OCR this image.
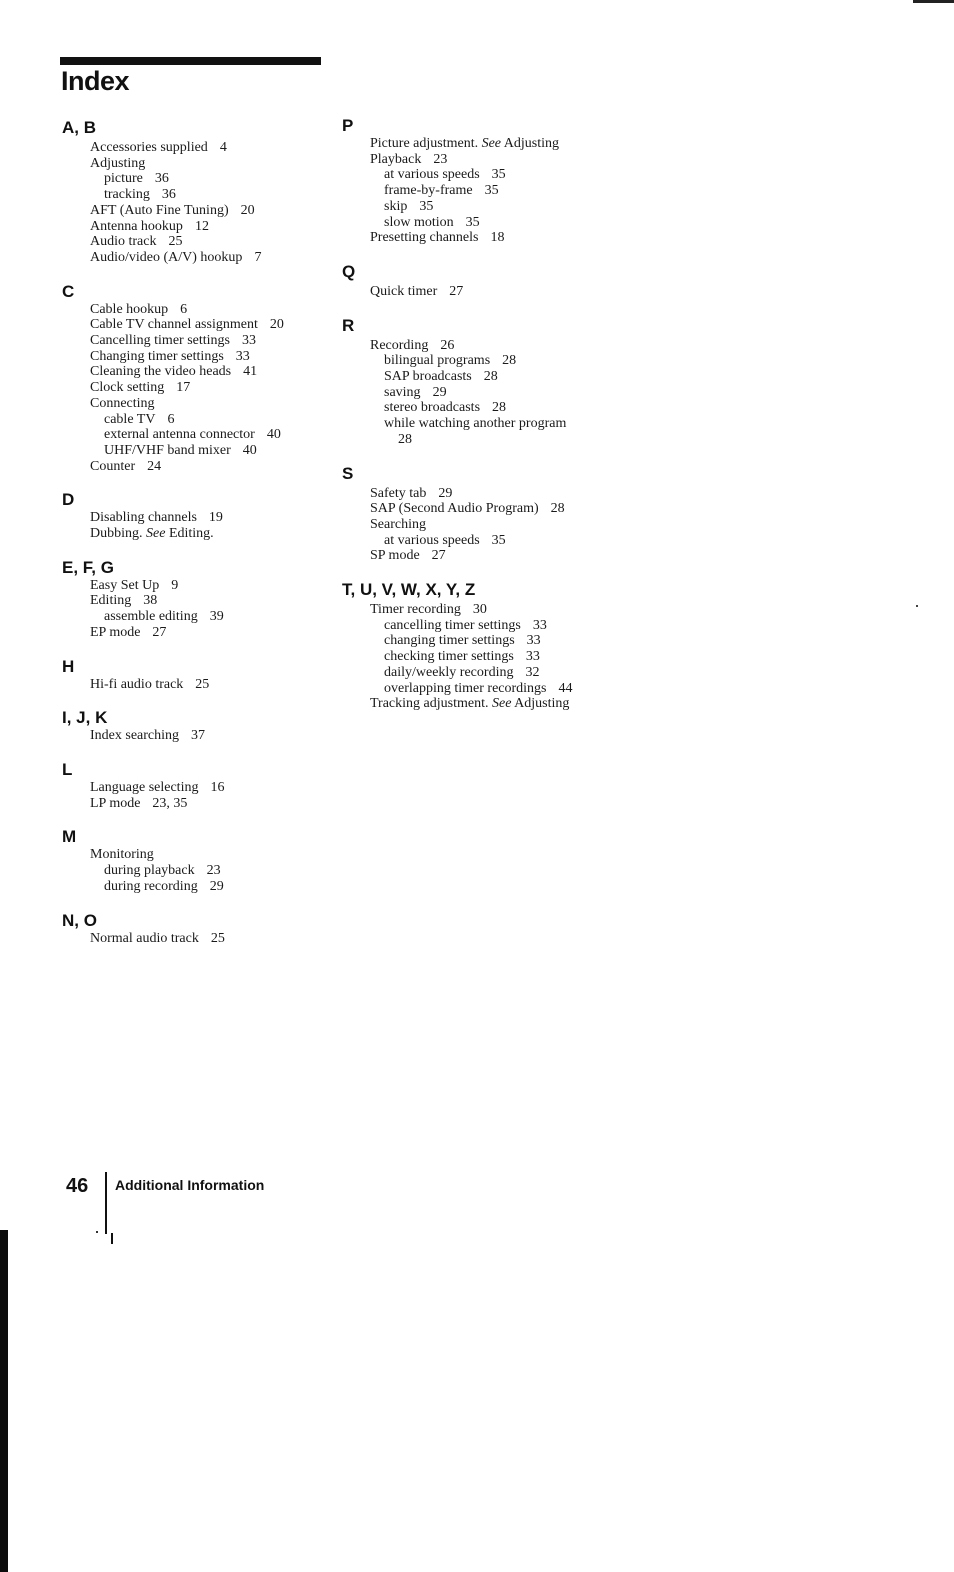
Index
A, B
Accessories supplied 4
Adjusting
picture 36
tracking 36
AFT (Auto Fine Tuning) 20
Antenna hookup 12
Audio track 25
Audio/video (A/V) hookup 7
C
Cable hookup 6
Cable TV channel assignment 20
Cancelling timer settings 33
Changing timer settings 33
Cleaning the video heads 41
Clock setting 17
Connecting
cable TV 6
external antenna connector 40
UHF/VHF band mixer 40
Counter 24
D
Disabling channels 19
Dubbing. See Editing.
E, F, G
Easy Set Up 9
Editing 38
assemble editing 39
EP mode 27
H
Hi-fi audio track 25
I, J, K
Index searching 37
L
Language selecting 16
LP mode 23, 35
M
Monitoring
during playback 23
during recording 29
N, O
Normal audio track 25
P
Picture adjustment. See Adjusting
Playback 23
at various speeds 35
frame-by-frame 35
skip 35
slow motion 35
Presetting channels 18
Q
Quick timer 27
R
Recording 26
bilingual programs 28
SAP broadcasts 28
saving 29
stereo broadcasts 28
while watching another program
28
S
Safety tab 29
SAP (Second Audio Program) 28
Searching
at various speeds 35
SP mode 27
T, U, V, W, X, Y, Z
Timer recording 30
cancelling timer settings 33
changing timer settings 33
checking timer settings 33
daily/weekly recording 32
overlapping timer recordings 44
Tracking adjustment. See Adjusting
46 Additional Information
